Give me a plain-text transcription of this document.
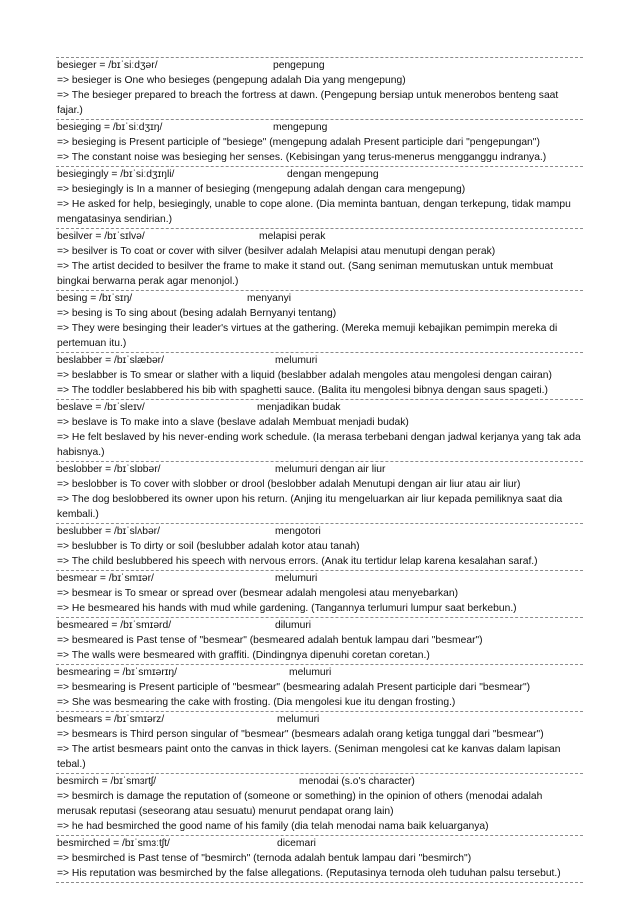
besieger = /bɪˈsiːdʒər/	pengepung
=> besieger is One who besieges (pengepung adalah Dia yang mengepung)
=> The besieger prepared to breach the fortress at dawn. (Pengepung bersiap untuk menerobos benteng saat fajar.)
besieging = /bɪˈsiːdʒɪŋ/	mengepung
=> besieging is Present participle of "besiege" (mengepung adalah Present participle dari "pengepungan")
=> The constant noise was besieging her senses. (Kebisingan yang terus-menerus mengganggu indranya.)
besiegingly = /bɪˈsiːdʒɪŋli/	dengan mengepung
=> besiegingly is In a manner of besieging (mengepung adalah dengan cara mengepung)
=> He asked for help, besiegingly, unable to cope alone. (Dia meminta bantuan, dengan terkepung, tidak mampu mengatasinya sendirian.)
besilver = /bɪˈsɪlvə/	melapisi perak
=> besilver is To coat or cover with silver (besilver adalah Melapisi atau menutupi dengan perak)
=> The artist decided to besilver the frame to make it stand out. (Sang seniman memutuskan untuk membuat bingkai berwarna perak agar menonjol.)
besing = /bɪˈsɪŋ/	menyanyi
=> besing is To sing about (besing adalah Bernyanyi tentang)
=> They were besinging their leader's virtues at the gathering. (Mereka memuji kebajikan pemimpin mereka di pertemuan itu.)
beslabber = /bɪˈslæbər/	melumuri
=> beslabber is To smear or slather with a liquid (beslabber adalah mengoles atau mengolesi dengan cairan)
=> The toddler beslabbered his bib with spaghetti sauce. (Balita itu mengolesi bibnya dengan saus spageti.)
beslave = /bɪˈsleɪv/	menjadikan budak
=> beslave is To make into a slave (beslave adalah Membuat menjadi budak)
=> He felt beslaved by his never-ending work schedule. (Ia merasa terbebani dengan jadwal kerjanya yang tak ada habisnya.)
beslobber = /bɪˈslɒbər/	melumuri dengan air liur
=> beslobber is To cover with slobber or drool (beslobber adalah Menutupi dengan air liur atau air liur)
=> The dog beslobbered its owner upon his return. (Anjing itu mengeluarkan air liur kepada pemiliknya saat dia kembali.)
beslubber = /bɪˈslʌbər/	mengotori
=> beslubber is To dirty or soil (beslubber adalah kotor atau tanah)
=> The child beslubbered his speech with nervous errors. (Anak itu tertidur lelap karena kesalahan saraf.)
besmear = /bɪˈsmɪər/	melumuri
=> besmear is To smear or spread over (besmear adalah mengolesi atau menyebarkan)
=> He besmeared his hands with mud while gardening. (Tangannya terlumuri lumpur saat berkebun.)
besmeared = /bɪˈsmɪərd/	dilumuri
=> besmeared is Past tense of "besmear" (besmeared adalah bentuk lampau dari "besmear")
=> The walls were besmeared with graffiti. (Dindingnya dipenuhi coretan coretan.)
besmearing = /bɪˈsmɪərɪŋ/	melumuri
=> besmearing is Present participle of "besmear" (besmearing adalah Present participle dari "besmear")
=> She was besmearing the cake with frosting. (Dia mengolesi kue itu dengan frosting.)
besmears = /bɪˈsmɪərz/	melumuri
=> besmears is Third person singular of "besmear" (besmears adalah orang ketiga tunggal dari "besmear")
=> The artist besmears paint onto the canvas in thick layers. (Seniman mengolesi cat ke kanvas dalam lapisan tebal.)
besmirch = /bɪˈsmɜrtʃ/	menodai (s.o's character)
=> besmirch is damage the reputation of (someone or something) in the opinion of others (menodai adalah merusak reputasi (seseorang atau sesuatu) menurut pendapat orang lain)
=> he had besmirched the good name of his family (dia telah menodai nama baik keluarganya)
besmirched = /bɪˈsmɜːtʃt/	dicemari
=> besmirched is Past tense of "besmirch" (ternoda adalah bentuk lampau dari "besmirch")
=> His reputation was besmirched by the false allegations. (Reputasinya ternoda oleh tuduhan palsu tersebut.)
